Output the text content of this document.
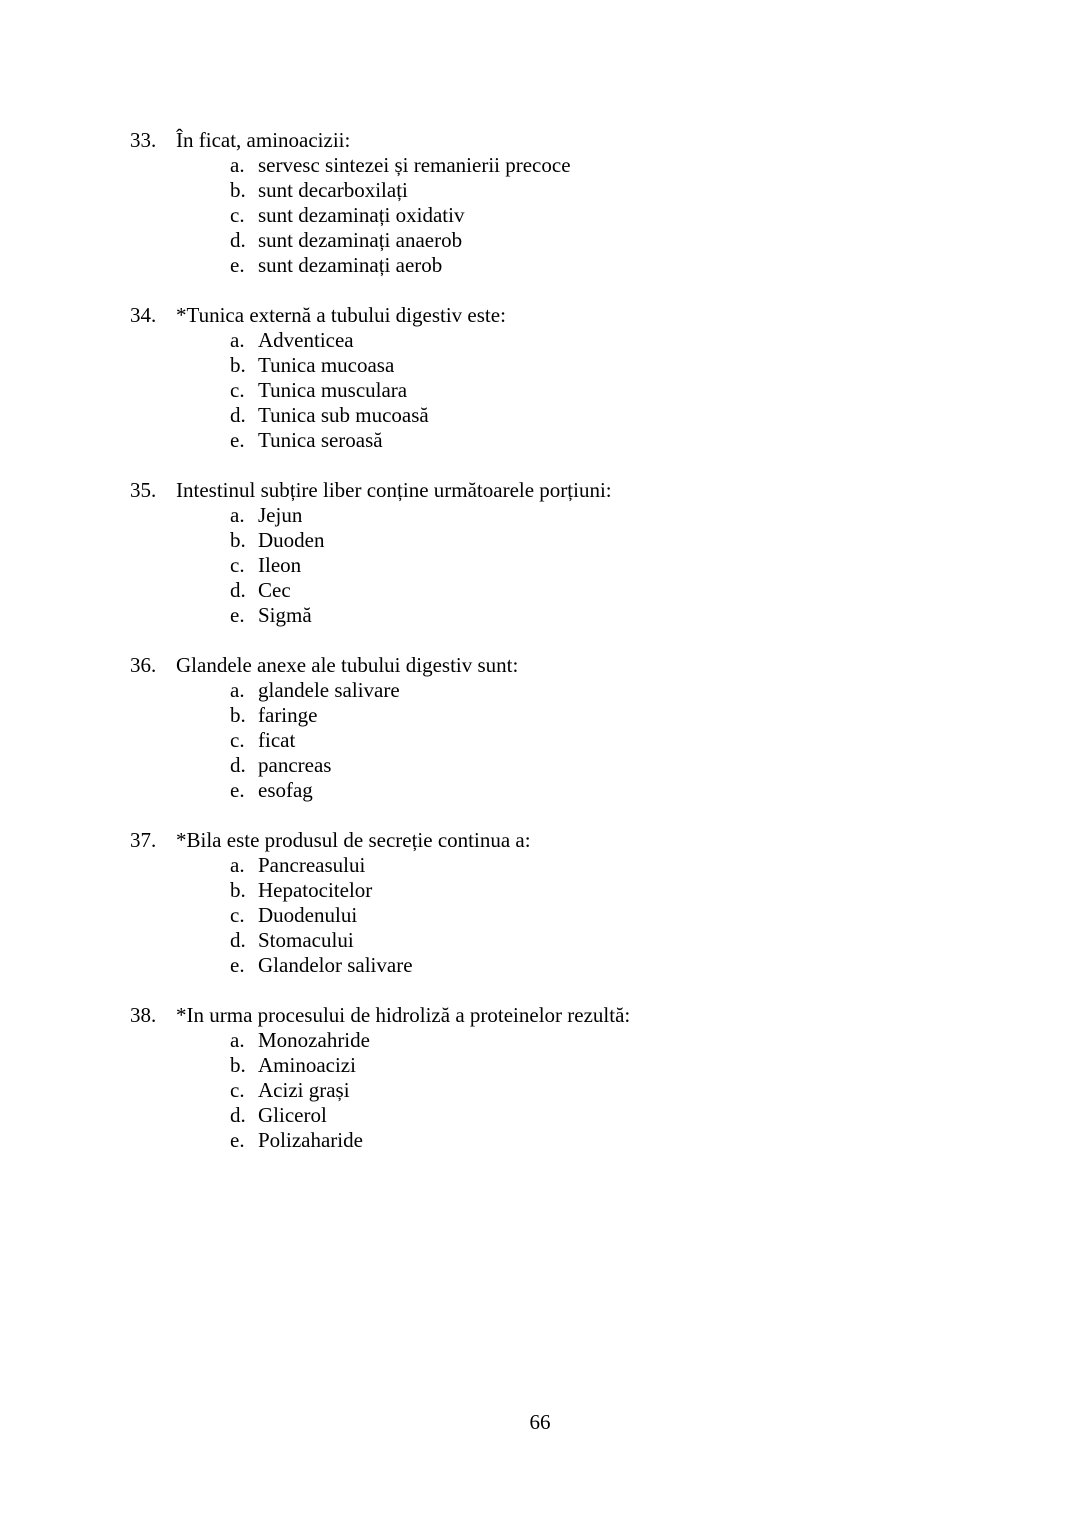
33. În ficat, aminoacizii:
a. servesc sintezei și remanierii precoce
b. sunt decarboxilați
c. sunt dezaminați oxidativ
d. sunt dezaminați anaerob
e. sunt dezaminați aerob
34. *Tunica externă a tubului digestiv este:
a. Adventicea
b. Tunica mucoasa
c. Tunica musculara
d. Tunica sub mucoasă
e. Tunica seroasă
35. Intestinul subțire liber conține următoarele porțiuni:
a. Jejun
b. Duoden
c. Ileon
d. Cec
e. Sigmă
36. Glandele anexe ale tubului digestiv sunt:
a. glandele salivare
b. faringe
c. ficat
d. pancreas
e. esofag
37. *Bila este produsul de secreție continua a:
a. Pancreasului
b. Hepatocitelor
c. Duodenului
d. Stomacului
e. Glandelor salivare
38. *In urma procesului de hidroliză a proteinelor rezultă:
a. Monozahride
b. Aminoacizi
c. Acizi grași
d. Glicerol
e. Polizaharide
66
